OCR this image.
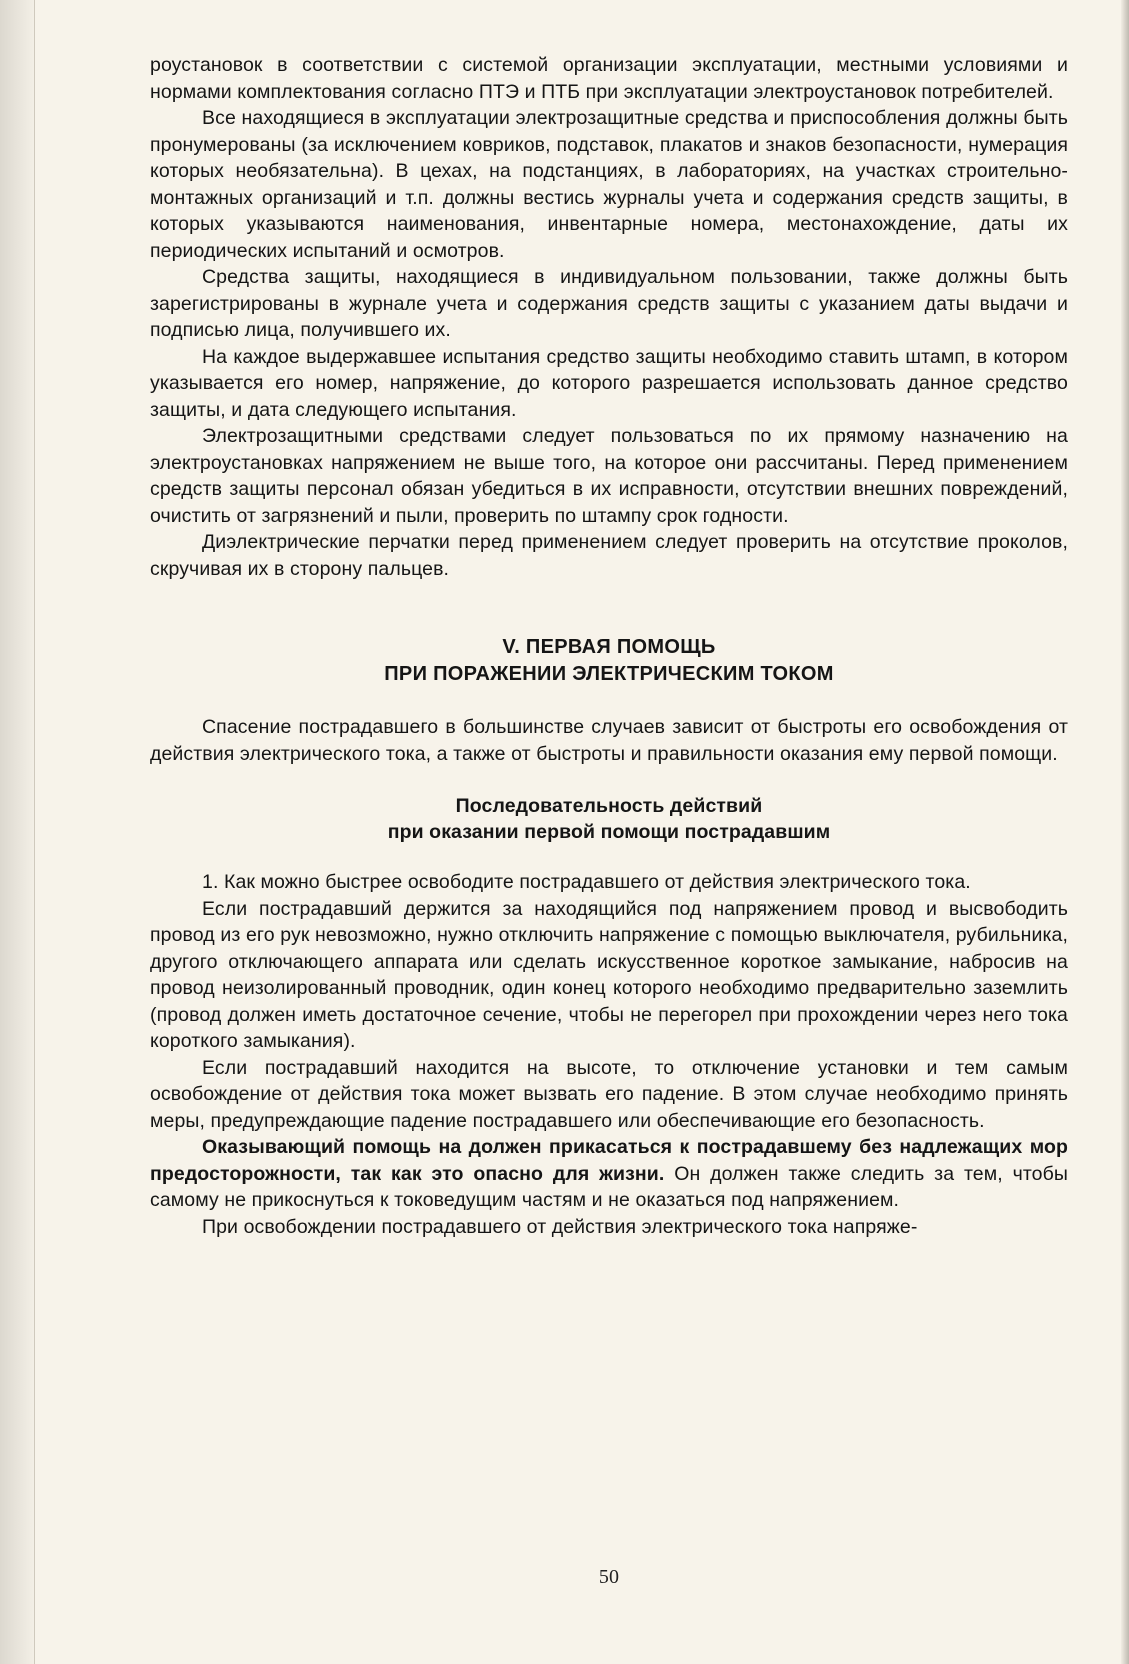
роустановок в соответствии с системой организации эксплуатации, местными условиями и нормами комплектования согласно ПТЭ и ПТБ при эксплуатации электроустановок потребителей.

Все находящиеся в эксплуатации электрозащитные средства и приспособления должны быть пронумерованы (за исключением ковриков, подставок, плакатов и знаков безопасности, нумерация которых необязательна). В цехах, на подстанциях, в лабораториях, на участках строительно-монтажных организаций и т.п. должны вестись журналы учета и содержания средств защиты, в которых указываются наименования, инвентарные номера, местонахождение, даты их периодических испытаний и осмотров.

Средства защиты, находящиеся в индивидуальном пользовании, также должны быть зарегистрированы в журнале учета и содержания средств защиты с указанием даты выдачи и подписью лица, получившего их.

На каждое выдержавшее испытания средство защиты необходимо ставить штамп, в котором указывается его номер, напряжение, до которого разрешается использовать данное средство защиты, и дата следующего испытания.

Электрозащитными средствами следует пользоваться по их прямому назначению на электроустановках напряжением не выше того, на которое они рассчитаны. Перед применением средств защиты персонал обязан убедиться в их исправности, отсутствии внешних повреждений, очистить от загрязнений и пыли, проверить по штампу срок годности.

Диэлектрические перчатки перед применением следует проверить на отсутствие проколов, скручивая их в сторону пальцев.

V. ПЕРВАЯ ПОМОЩЬ
ПРИ ПОРАЖЕНИИ ЭЛЕКТРИЧЕСКИМ ТОКОМ

Спасение пострадавшего в большинстве случаев зависит от быстроты его освобождения от действия электрического тока, а также от быстроты и правильности оказания ему первой помощи.

Последовательность действий
при оказании первой помощи пострадавшим

1. Как можно быстрее освободите пострадавшего от действия электрического тока.

Если пострадавший держится за находящийся под напряжением провод и высвободить провод из его рук невозможно, нужно отключить напряжение с помощью выключателя, рубильника, другого отключающего аппарата или сделать искусственное короткое замыкание, набросив на провод неизолированный проводник, один конец которого необходимо предварительно заземлить (провод должен иметь достаточное сечение, чтобы не перегорел при прохождении через него тока короткого замыкания).

Если пострадавший находится на высоте, то отключение установки и тем самым освобождение от действия тока может вызвать его падение. В этом случае необходимо принять меры, предупреждающие падение пострадавшего или обеспечивающие его безопасность.

Оказывающий помощь на должен прикасаться к пострадавшему без надлежащих мор предосторожности, так как это опасно для жизни. Он должен также следить за тем, чтобы самому не прикоснуться к токоведущим частям и не оказаться под напряжением.

При освобождении пострадавшего от действия электрического тока напряже-

50
